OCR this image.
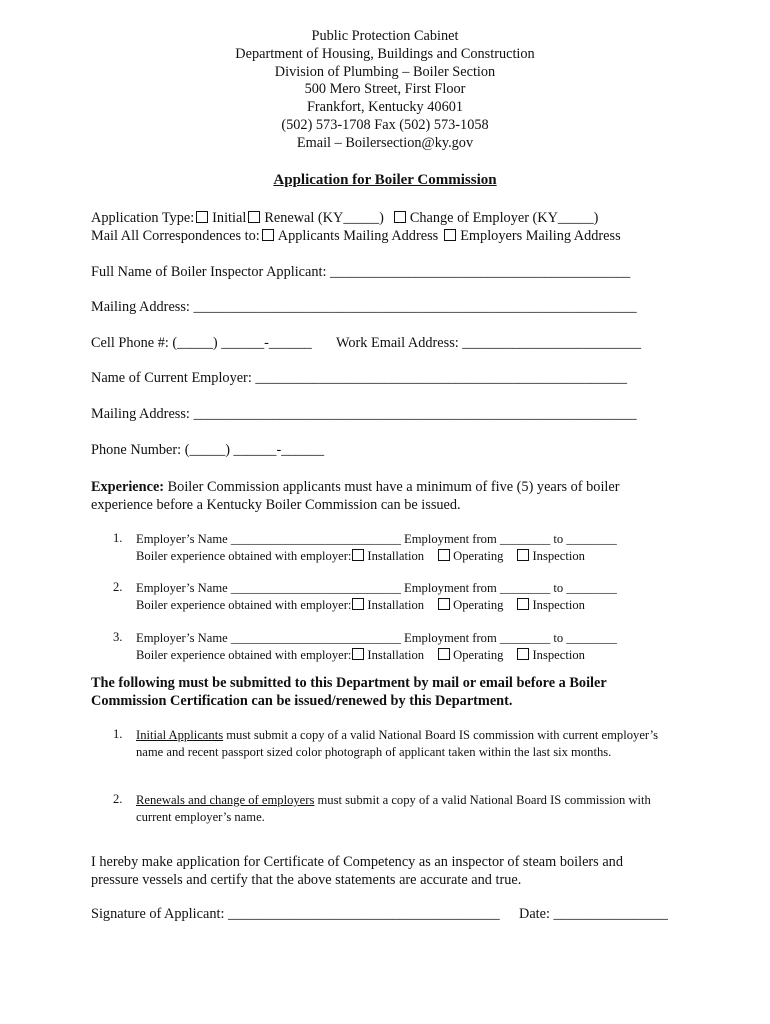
Public Protection Cabinet
Department of Housing, Buildings and Construction
Division of Plumbing – Boiler Section
500 Mero Street, First Floor
Frankfort, Kentucky 40601
(502) 573-1708 Fax (502) 573-1058
Email – Boilersection@ky.gov
Application for Boiler Commission
Application Type: Initial Renewal (KY_____) Change of Employer (KY_____)
Mail All Correspondences to: Applicants Mailing Address Employers Mailing Address
Full Name of Boiler Inspector Applicant: __________________________________________
Mailing Address: ______________________________________________________________
Cell Phone #: (_____) ______-______ Work Email Address: _________________________
Name of Current Employer: ____________________________________________________
Mailing Address: ______________________________________________________________
Phone Number: (_____) ______-______
Experience: Boiler Commission applicants must have a minimum of five (5) years of boiler experience before a Kentucky Boiler Commission can be issued.
1. Employer’s Name ___________________________ Employment from ________ to ________
Boiler experience obtained with employer: Installation Operating Inspection
2. Employer’s Name ___________________________ Employment from ________ to ________
Boiler experience obtained with employer: Installation Operating Inspection
3. Employer’s Name ___________________________ Employment from ________ to ________
Boiler experience obtained with employer: Installation Operating Inspection
The following must be submitted to this Department by mail or email before a Boiler Commission Certification can be issued/renewed by this Department.
1. Initial Applicants must submit a copy of a valid National Board IS commission with current employer’s name and recent passport sized color photograph of applicant taken within the last six months.
2. Renewals and change of employers must submit a copy of a valid National Board IS commission with current employer’s name.
I hereby make application for Certificate of Competency as an inspector of steam boilers and pressure vessels and certify that the above statements are accurate and true.
Signature of Applicant: ______________________________________ Date: ________________
